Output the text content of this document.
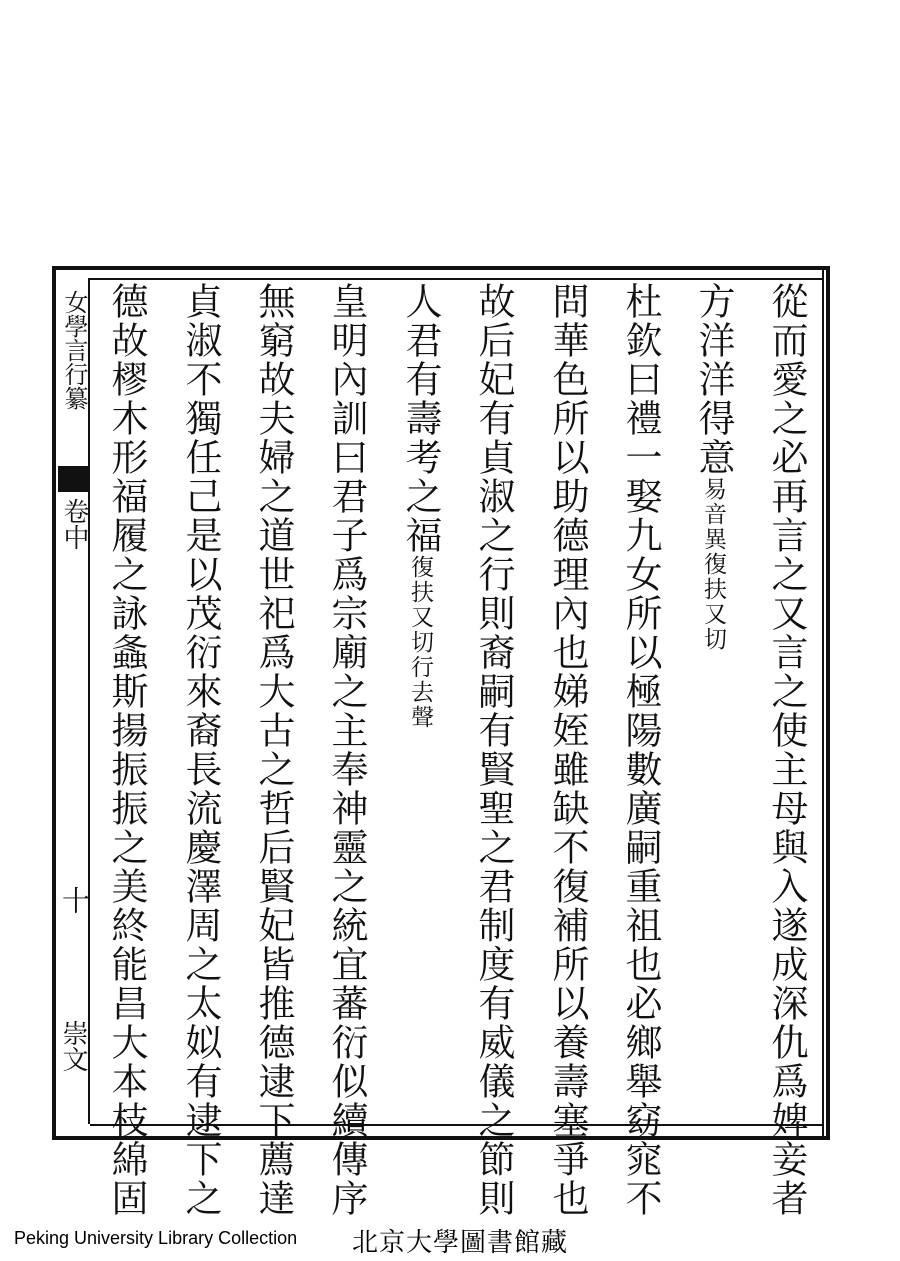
女學言行纂
卷中
十
崇文	從而愛之必再言之又言之使主母與入遂成深仇爲婢妾者
方洋洋得意易音異復扶又切
杜欽曰禮一娶九女所以極陽數廣嗣重祖也必鄉舉窈窕不
問華色所以助德理內也娣姪雖缺不復補所以養壽塞爭也
故后妃有貞淑之行則裔嗣有賢聖之君制度有威儀之節則
人君有壽考之福復扶又切行去聲
皇明內訓曰君子爲宗廟之主奉神靈之統宜蕃衍似續傳序
無窮故夫婦之道世祀爲大古之哲后賢妃皆推德逮下薦達
貞淑不獨任己是以茂衍來裔長流慶澤周之太姒有逮下之
德故樛木形福履之詠螽斯揚振振之美終能昌大本枝綿固
Peking University Library Collection 北京大學圖書館藏
